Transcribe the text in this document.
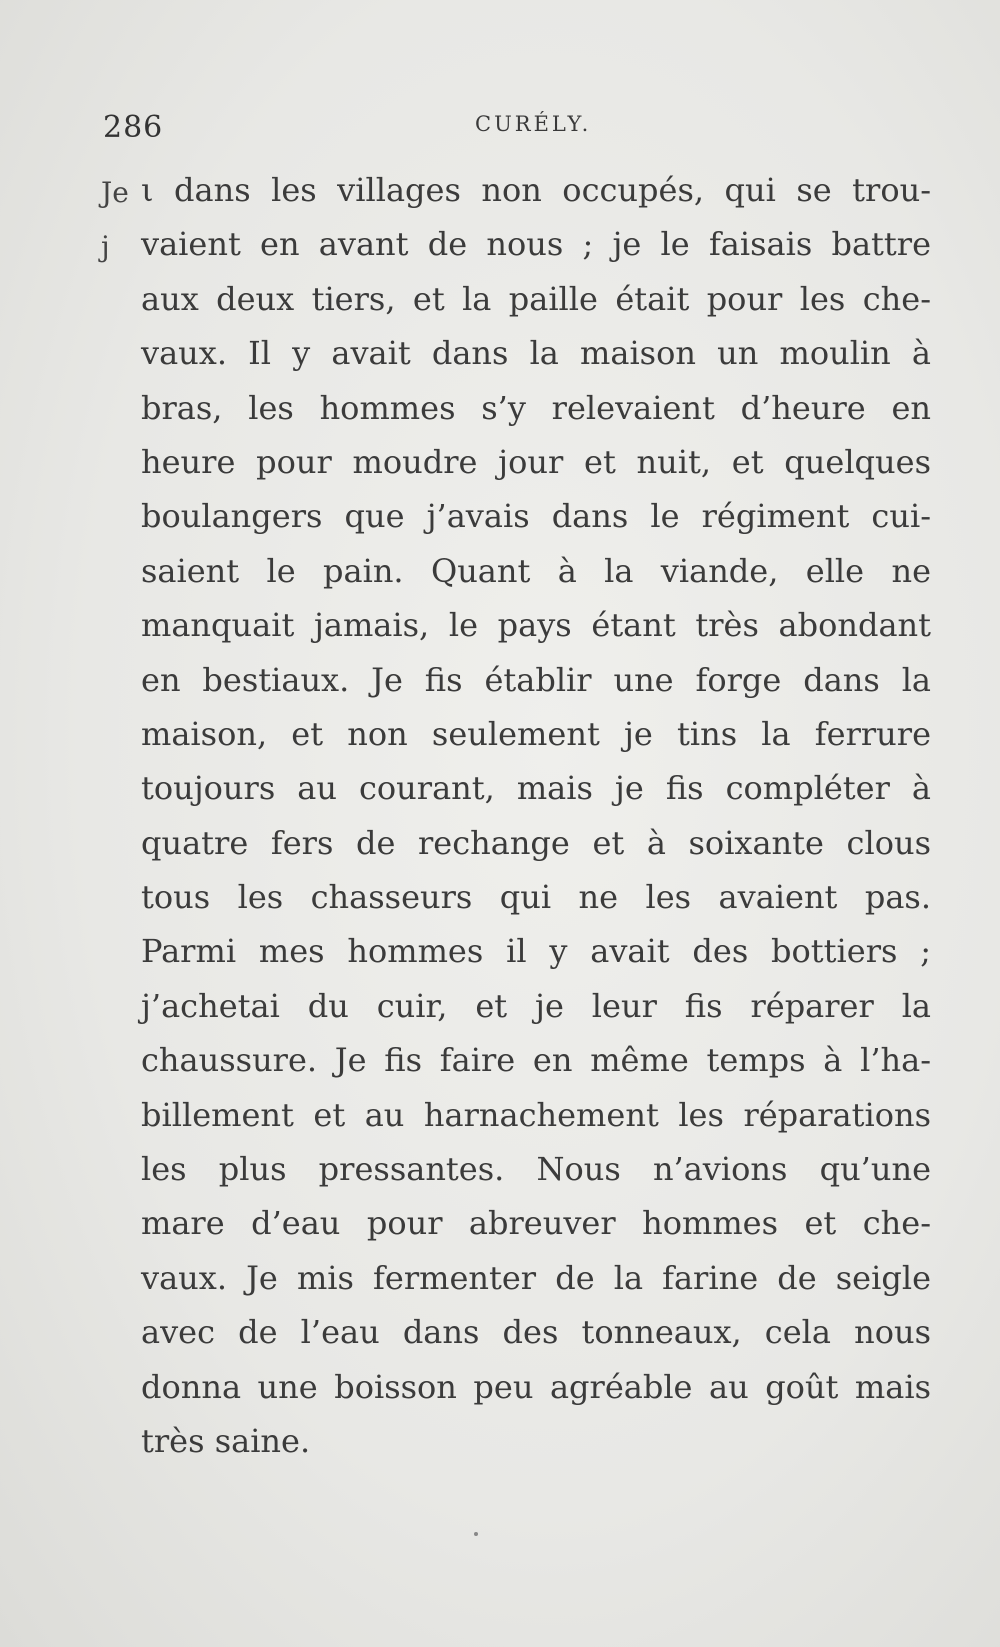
286	CURÉLY.
Je
j
ι dans les villages non occupés, qui se trou-
vaient en avant de nous ; je le faisais battre
aux deux tiers, et la paille était pour les che-
vaux. Il y avait dans la maison un moulin à
bras, les hommes s’y relevaient d’heure en
heure pour moudre jour et nuit, et quelques
boulangers que j’avais dans le régiment cui-
saient le pain. Quant à la viande, elle ne
manquait jamais, le pays étant très abondant
en bestiaux. Je fis établir une forge dans la
maison, et non seulement je tins la ferrure
toujours au courant, mais je fis compléter à
quatre fers de rechange et à soixante clous
tous les chasseurs qui ne les avaient pas.
Parmi mes hommes il y avait des bottiers ;
j’achetai du cuir, et je leur fis réparer la
chaussure. Je fis faire en même temps à l’ha-
billement et au harnachement les réparations
les plus pressantes. Nous n’avions qu’une
mare d’eau pour abreuver hommes et che-
vaux. Je mis fermenter de la farine de seigle
avec de l’eau dans des tonneaux, cela nous
donna une boisson peu agréable au goût mais
très saine.
